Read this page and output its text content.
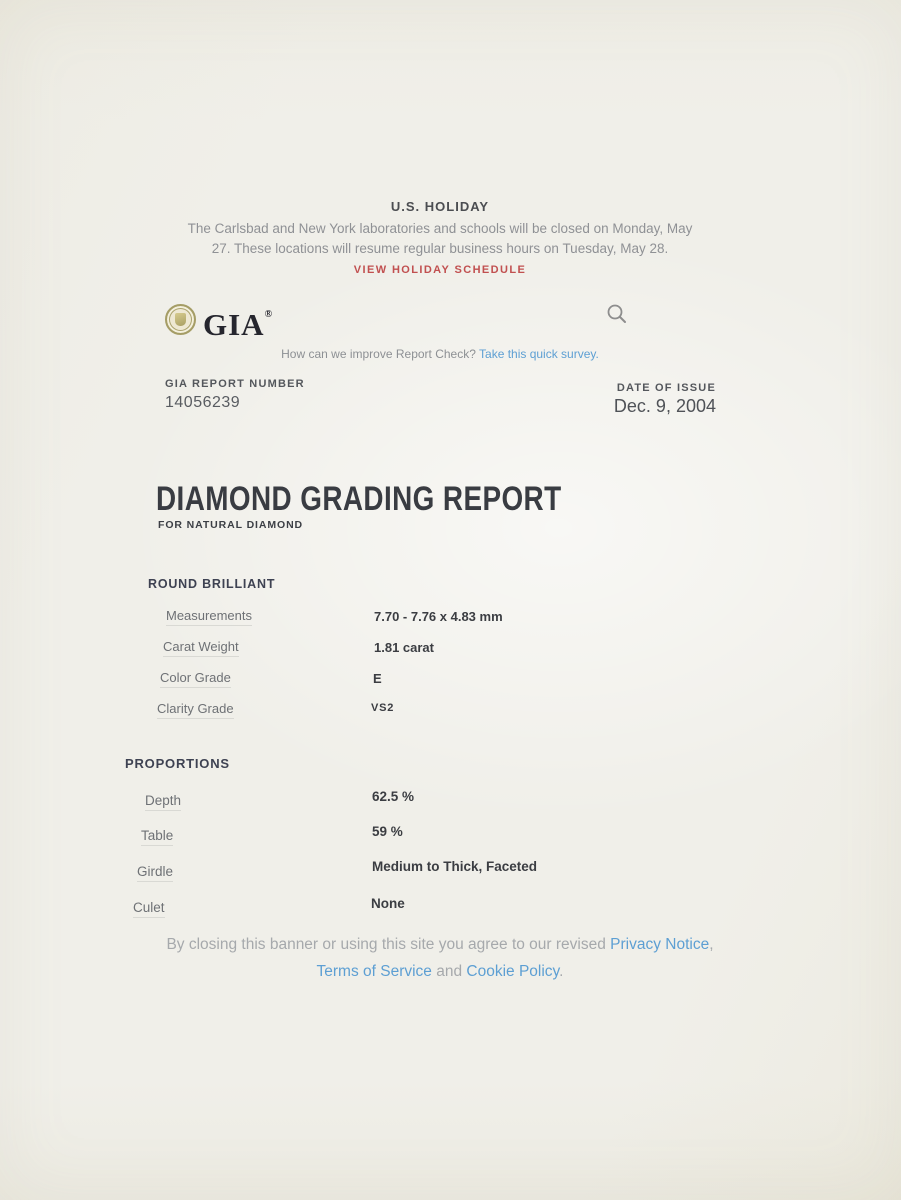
U.S. HOLIDAY
The Carlsbad and New York laboratories and schools will be closed on Monday, May
27. These locations will resume regular business hours on Tuesday, May 28.
VIEW HOLIDAY SCHEDULE
GIA®
How can we improve Report Check? Take this quick survey.
GIA REPORT NUMBER
14056239
DATE OF ISSUE
Dec. 9, 2004
DIAMOND GRADING REPORT
FOR NATURAL DIAMOND
ROUND BRILLIANT
Measurements	7.70 - 7.76 x 4.83 mm
Carat Weight	1.81 carat
Color Grade	E
Clarity Grade	VS2
PROPORTIONS
Depth	62.5 %
Table	59 %
Girdle	Medium to Thick, Faceted
Culet	None
By closing this banner or using this site you agree to our revised Privacy Notice,
Terms of Service and Cookie Policy.
